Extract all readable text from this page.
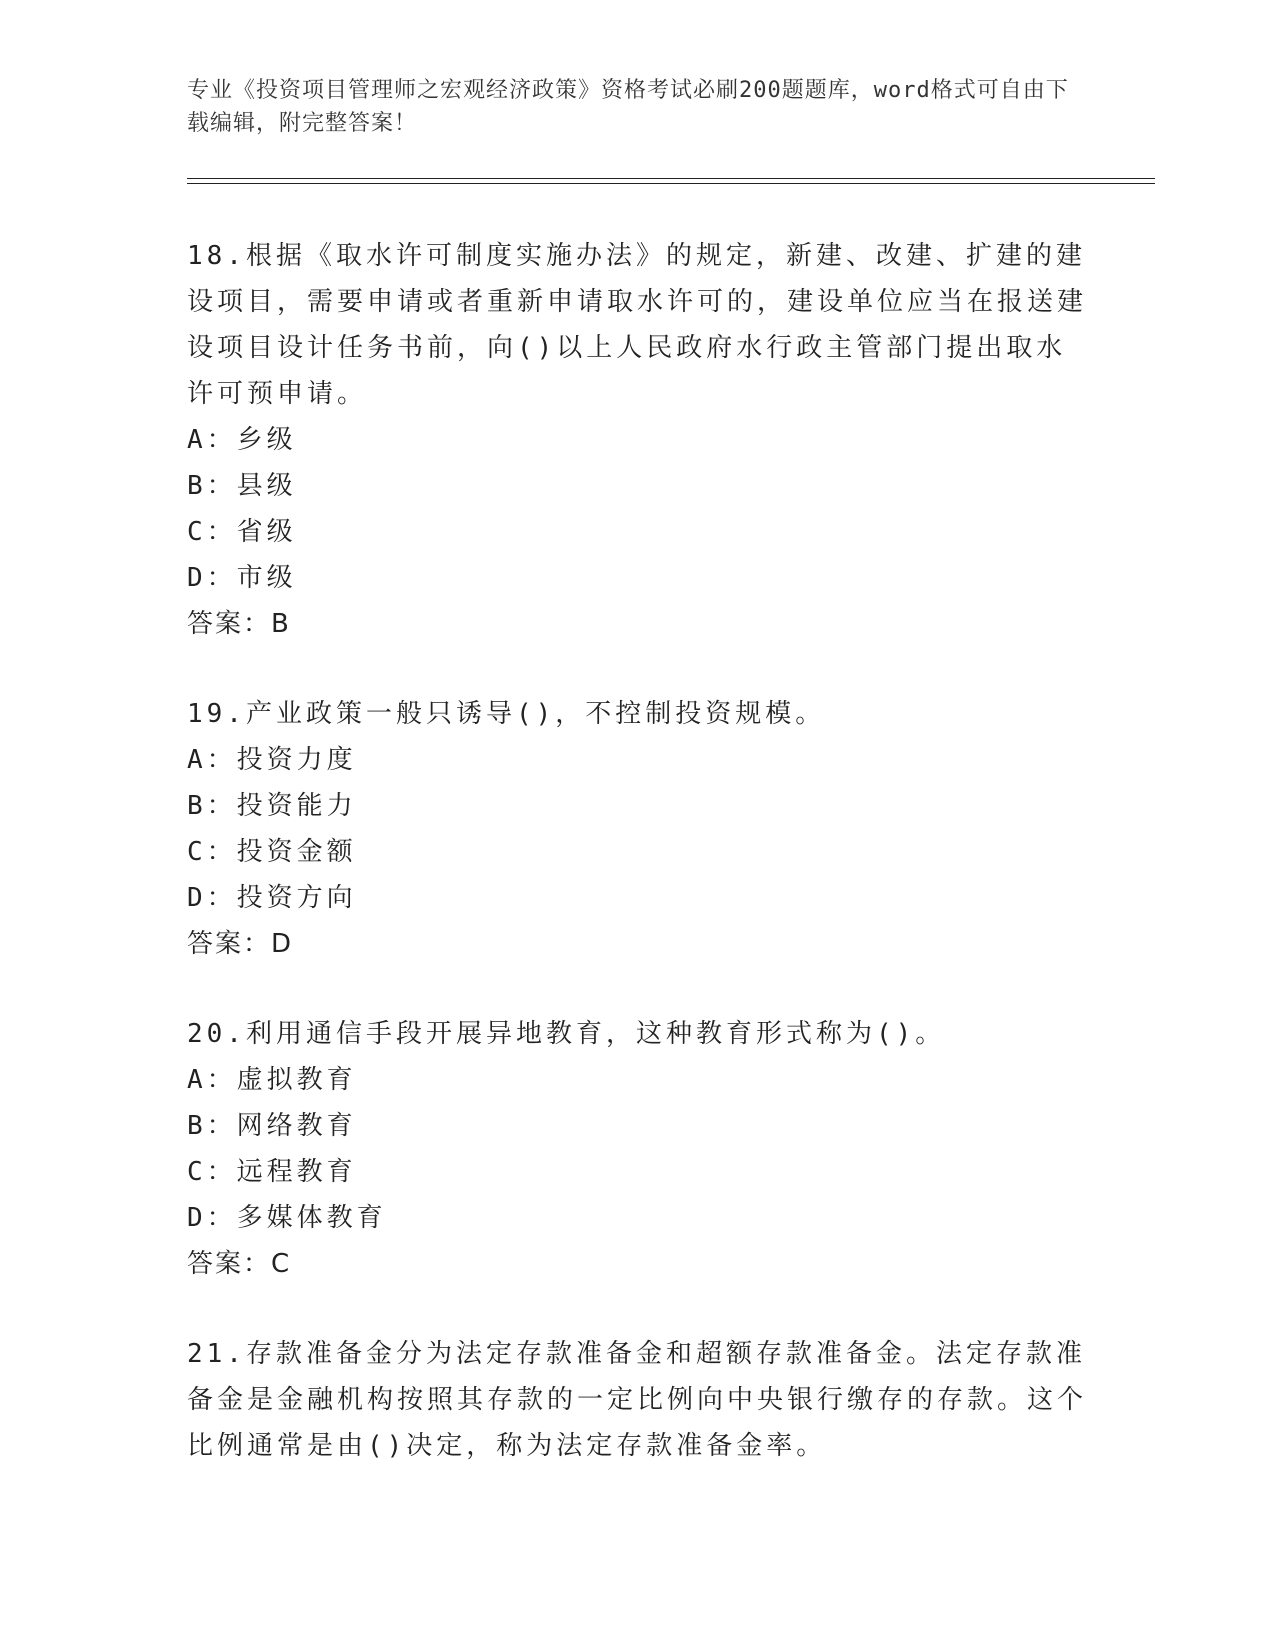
专业《投资项目管理师之宏观经济政策》资格考试必刷200题题库，word格式可自由下载编辑，附完整答案！

18.根据《取水许可制度实施办法》的规定，新建、改建、扩建的建设项目，需要申请或者重新申请取水许可的，建设单位应当在报送建设项目设计任务书前，向()以上人民政府水行政主管部门提出取水许可预申请。

A：乡级

B：县级

C：省级

D：市级

答案：B

19.产业政策一般只诱导()，不控制投资规模。

A：投资力度

B：投资能力

C：投资金额

D：投资方向

答案：D

20.利用通信手段开展异地教育，这种教育形式称为()。

A：虚拟教育

B：网络教育

C：远程教育

D：多媒体教育

答案：C

21.存款准备金分为法定存款准备金和超额存款准备金。法定存款准备金是金融机构按照其存款的一定比例向中央银行缴存的存款。这个比例通常是由()决定，称为法定存款准备金率。
